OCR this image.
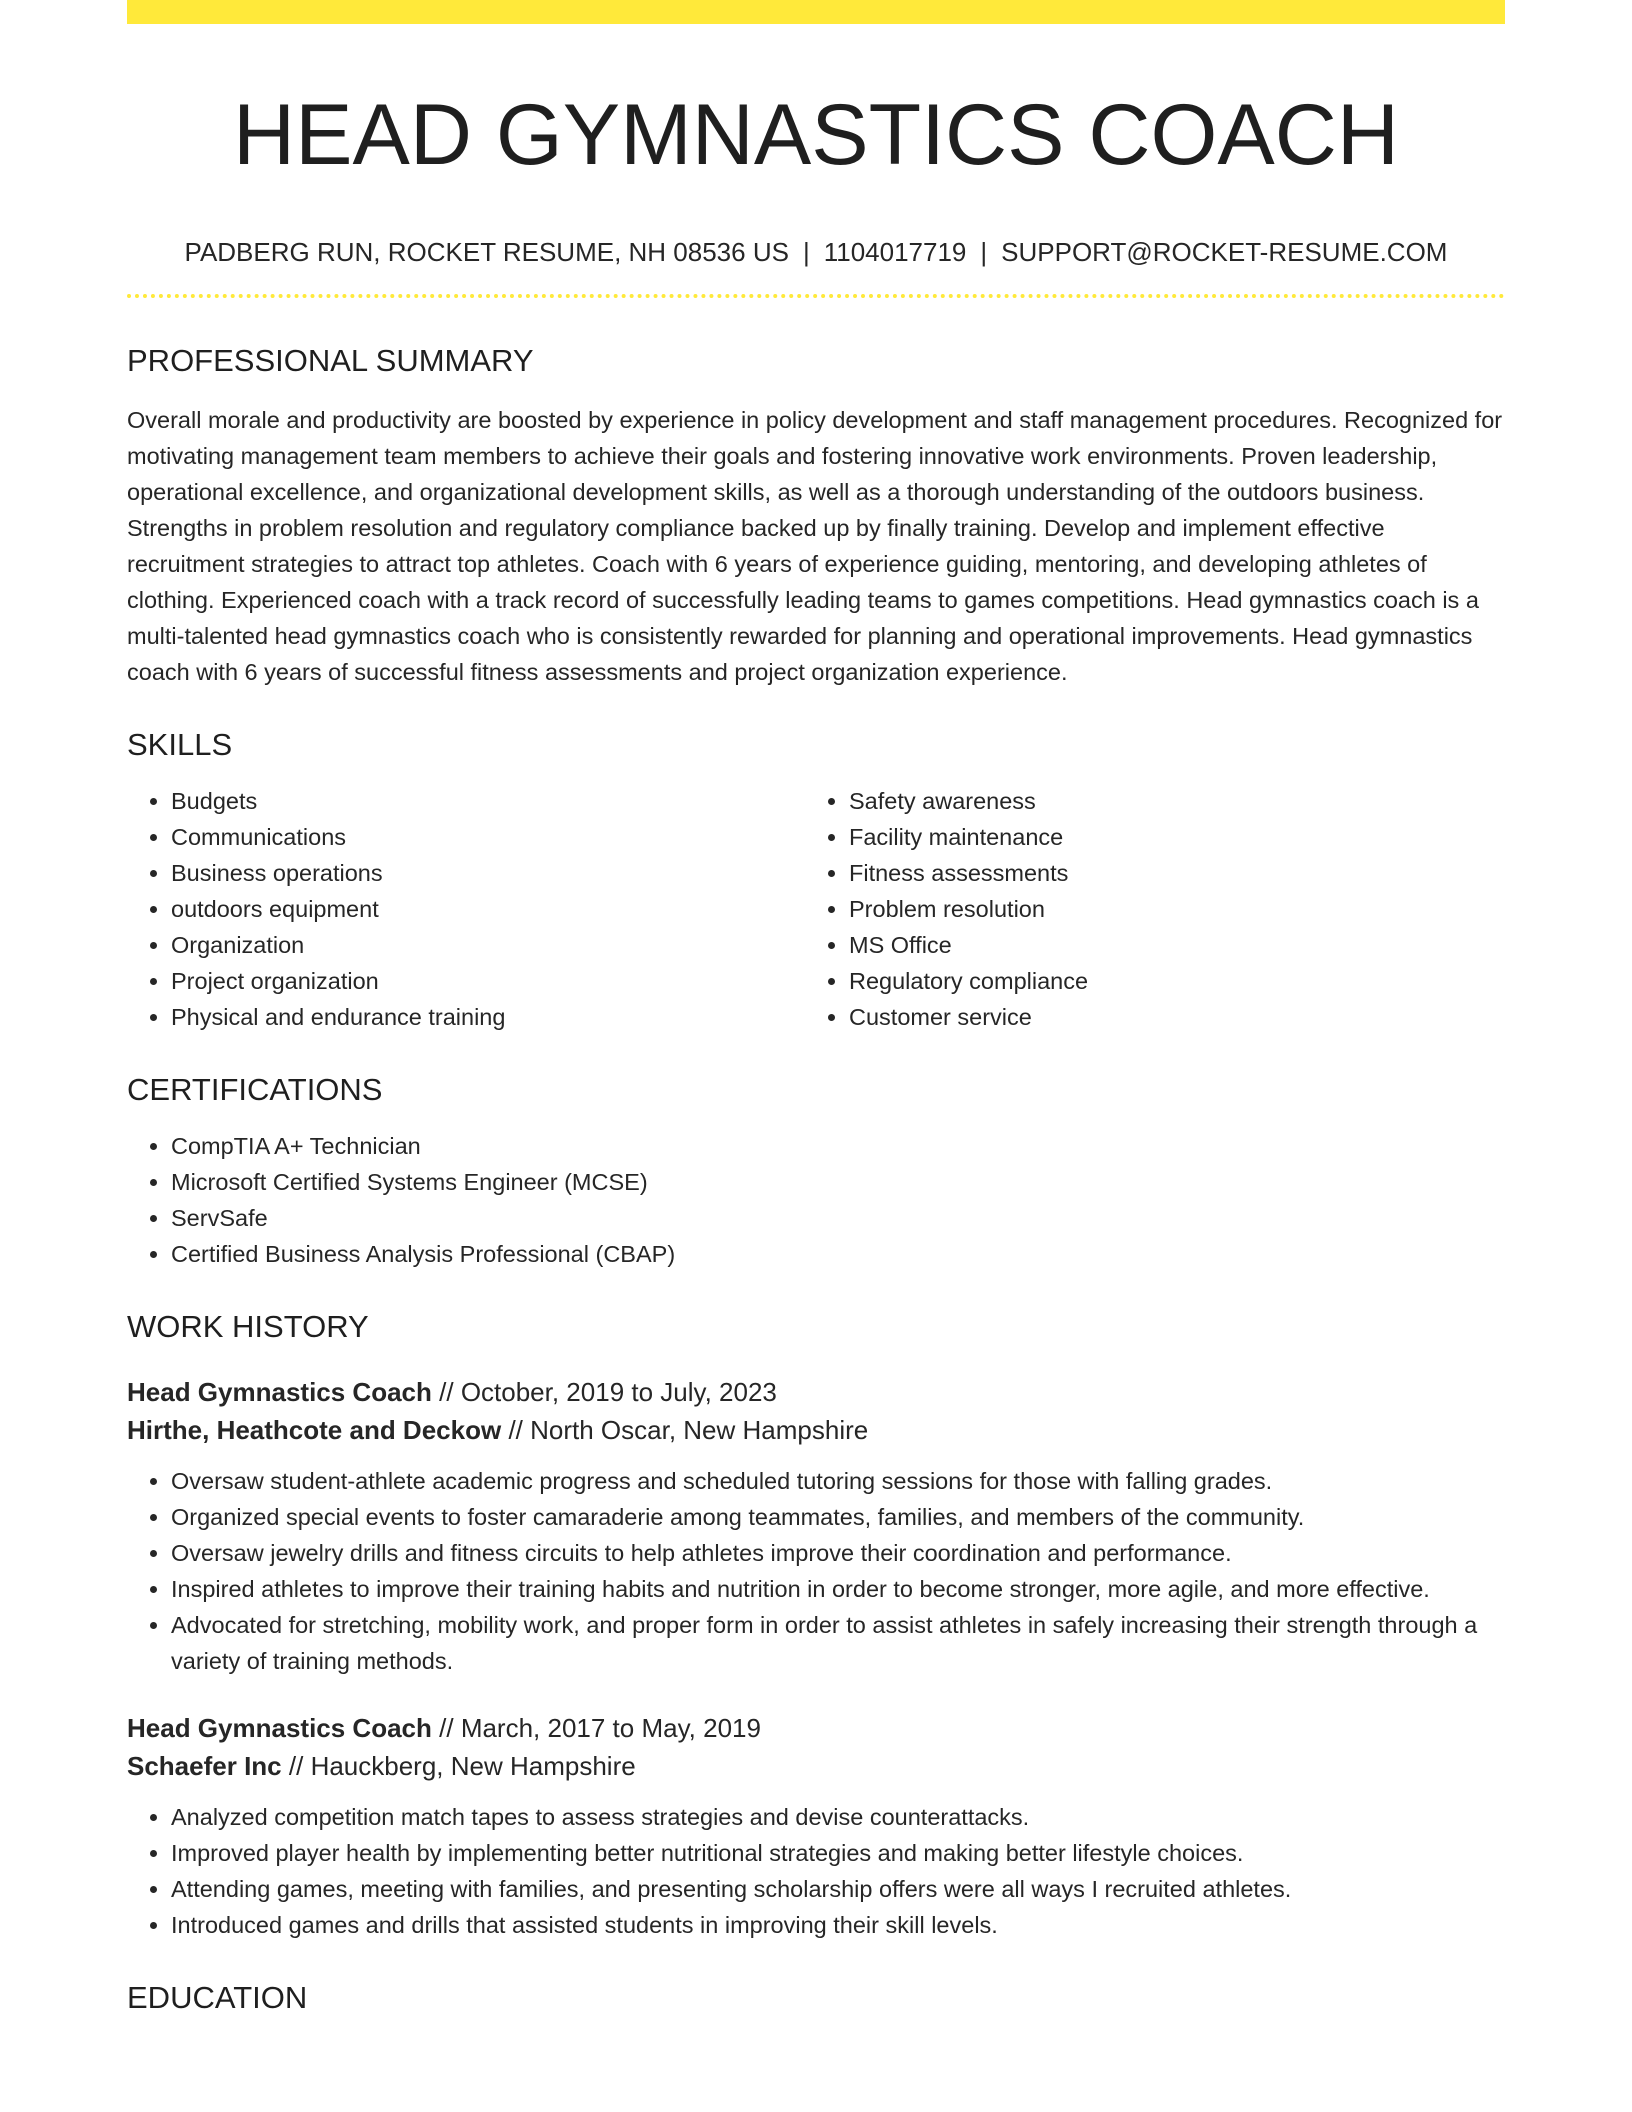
HEAD GYMNASTICS COACH
PADBERG RUN, ROCKET RESUME, NH 08536 US | 1104017719 | SUPPORT@ROCKET-RESUME.COM
PROFESSIONAL SUMMARY

Overall morale and productivity are boosted by experience in policy development and staff management procedures. Recognized for motivating management team members to achieve their goals and fostering innovative work environments. Proven leadership, operational excellence, and organizational development skills, as well as a thorough understanding of the outdoors business. Strengths in problem resolution and regulatory compliance backed up by finally training. Develop and implement effective recruitment strategies to attract top athletes. Coach with 6 years of experience guiding, mentoring, and developing athletes of clothing. Experienced coach with a track record of successfully leading teams to games competitions. Head gymnastics coach is a multi-talented head gymnastics coach who is consistently rewarded for planning and operational improvements. Head gymnastics coach with 6 years of successful fitness assessments and project organization experience.

SKILLS
• Budgets
• Communications
• Business operations
• outdoors equipment
• Organization
• Project organization
• Physical and endurance training
• Safety awareness
• Facility maintenance
• Fitness assessments
• Problem resolution
• MS Office
• Regulatory compliance
• Customer service
CERTIFICATIONS
• CompTIA A+ Technician
• Microsoft Certified Systems Engineer (MCSE)
• ServSafe
• Certified Business Analysis Professional (CBAP)
WORK HISTORY
Head Gymnastics Coach // October, 2019 to July, 2023
Hirthe, Heathcote and Deckow // North Oscar, New Hampshire
• Oversaw student-athlete academic progress and scheduled tutoring sessions for those with falling grades.
• Organized special events to foster camaraderie among teammates, families, and members of the community.
• Oversaw jewelry drills and fitness circuits to help athletes improve their coordination and performance.
• Inspired athletes to improve their training habits and nutrition in order to become stronger, more agile, and more effective.
• Advocated for stretching, mobility work, and proper form in order to assist athletes in safely increasing their strength through a variety of training methods.
Head Gymnastics Coach // March, 2017 to May, 2019
Schaefer Inc // Hauckberg, New Hampshire
• Analyzed competition match tapes to assess strategies and devise counterattacks.
• Improved player health by implementing better nutritional strategies and making better lifestyle choices.
• Attending games, meeting with families, and presenting scholarship offers were all ways I recruited athletes.
• Introduced games and drills that assisted students in improving their skill levels.
EDUCATION
